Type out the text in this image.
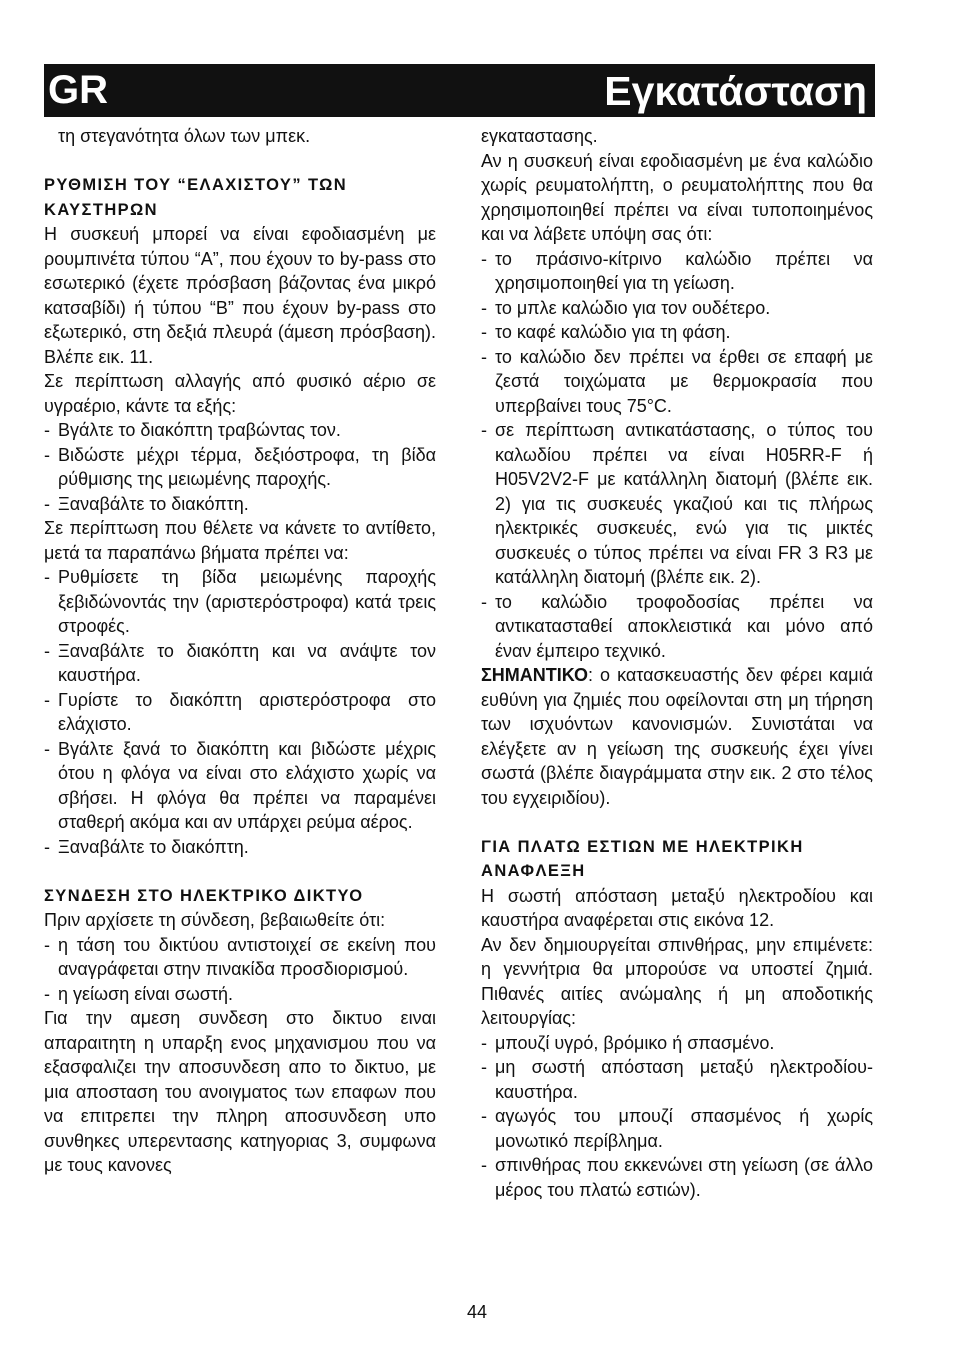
GR	Εγκατάσταση

τη στεγανότητα όλων των μπεκ.

ΡΥΘΜΙΣΗ ΤΟΥ “ΕΛΑΧΙΣΤΟΥ” ΤΩΝ ΚΑΥΣΤΗΡΩΝ

Η συσκευή μπορεί να είναι εφοδιασμένη με ρουμπινέτα τύπου “A”, που έχουν το by-pass στο εσωτερικό (έχετε πρόσβαση βάζοντας ένα μικρό κατσαβίδι) ή τύπου “B” που έχουν by-pass στο εξωτερικό, στη δεξιά πλευρά (άμεση πρόσβαση). Βλέπε εικ. 11.

Σε περίπτωση αλλαγής από φυσικό αέριο σε υγραέριο, κάντε τα εξής:

- Βγάλτε το διακόπτη τραβώντας τον.
- Βιδώστε μέχρι τέρμα, δεξιόστροφα, τη βίδα ρύθμισης της μειωμένης παροχής.
- Ξαναβάλτε το διακόπτη.

Σε περίπτωση που θέλετε να κάνετε το αντίθετο, μετά τα παραπάνω βήματα πρέπει να:

- Ρυθμίσετε τη βίδα μειωμένης παροχής ξεβιδώνοντάς την (αριστερόστροφα) κατά τρεις στροφές.
- Ξαναβάλτε το διακόπτη και να ανάψτε τον καυστήρα.
- Γυρίστε το διακόπτη αριστερόστροφα στο ελάχιστο.
- Βγάλτε ξανά το διακόπτη και βιδώστε μέχρις ότου η φλόγα να είναι στο ελάχιστο χωρίς να σβήσει. Η φλόγα θα πρέπει να παραμένει σταθερή ακόμα και αν υπάρχει ρεύμα αέρος.
- Ξαναβάλτε το διακόπτη.
ΣΥΝΔΕΣΗ ΣΤΟ ΗΛΕΚΤΡΙΚΟ ΔΙΚΤΥΟ

Πριν αρχίσετε τη σύνδεση, βεβαιωθείτε ότι:

- η τάση του δικτύου αντιστοιχεί σε εκείνη που αναγράφεται στην πινακίδα προσδιορισμού.
- η γείωση είναι σωστή.

Για την αμεση συνδεση στο δικτυο ειναι απαραιτητη η υπαρξη ενος μηχανισμου που να εξασφαλιζει την αποσυνδεση απο το δικτυο, με μια αποσταση του ανοιγματος των επαφων που να επιτρεπει την πληρη αποσυνδεση υπο συνθηκες υπερεντασης κατηγοριας 3, συμφωνα με τους κανονες

εγκαταστασης.

Αν η συσκευή είναι εφοδιασμένη με ένα καλώδιο χωρίς ρευματολήπτη, ο ρευματολήπτης που θα χρησιμοποιηθεί πρέπει να είναι τυποποιημένος και να λάβετε υπόψη σας ότι:

- το πράσινο-κίτρινο καλώδιο πρέπει να χρησιμοποιηθεί για τη γείωση.
- το μπλε καλώδιο για τον ουδέτερο.
- το καφέ καλώδιο για τη φάση.
- το καλώδιο δεν πρέπει να έρθει σε επαφή με ζεστά τοιχώματα με θερμοκρασία που υπερβαίνει τους 75°C.
- σε περίπτωση αντικατάστασης, ο τύπος του καλωδίου πρέπει να είναι H05RR-F ή H05V2V2-F με κατάλληλη διατομή (βλέπε εικ. 2) για τις συσκευές γκαζιού και τις πλήρως ηλεκτρικές συσκευές, ενώ για τις μικτές συσκευές ο τύπος πρέπει να είναι FR 3 R3 με κατάλληλη διατομή (βλέπε εικ. 2).
- το καλώδιο τροφοδοσίας πρέπει να αντικατασταθεί αποκλειστικά και μόνο από έναν έμπειρο τεχνικό.

ΣΗΜΑΝΤΙΚΟ: ο κατασκευαστής δεν φέρει καμιά ευθύνη για ζημιές που οφείλονται στη μη τήρηση των ισχυόντων κανονισμών. Συνιστάται να ελέγξετε αν η γείωση της συσκευής έχει γίνει σωστά (βλέπε διαγράμματα στην εικ. 2 στο τέλος του εγχειριδίου).

ΓΙΑ ΠΛΑΤΩ ΕΣΤΙΩΝ ΜΕ ΗΛΕΚΤΡΙΚΗ ΑΝΑΦΛΕΞΗ

Η σωστή απόσταση μεταξύ ηλεκτροδίου και καυστήρα αναφέρεται στις εικόνα 12.

Αν δεν δημιουργείται σπινθήρας, μην επιμένετε: η γεννήτρια θα μπορούσε να υποστεί ζημιά. Πιθανές αιτίες ανώμαλης ή μη αποδοτικής λειτουργίας:

- μπουζί υγρό, βρόμικο ή σπασμένο.
- μη σωστή απόσταση μεταξύ ηλεκτροδίου-καυστήρα.
- αγωγός του μπουζί σπασμένος ή χωρίς μονωτικό περίβλημα.
- σπινθήρας που εκκενώνει στη γείωση (σε άλλο μέρος του πλατώ εστιών).
44
